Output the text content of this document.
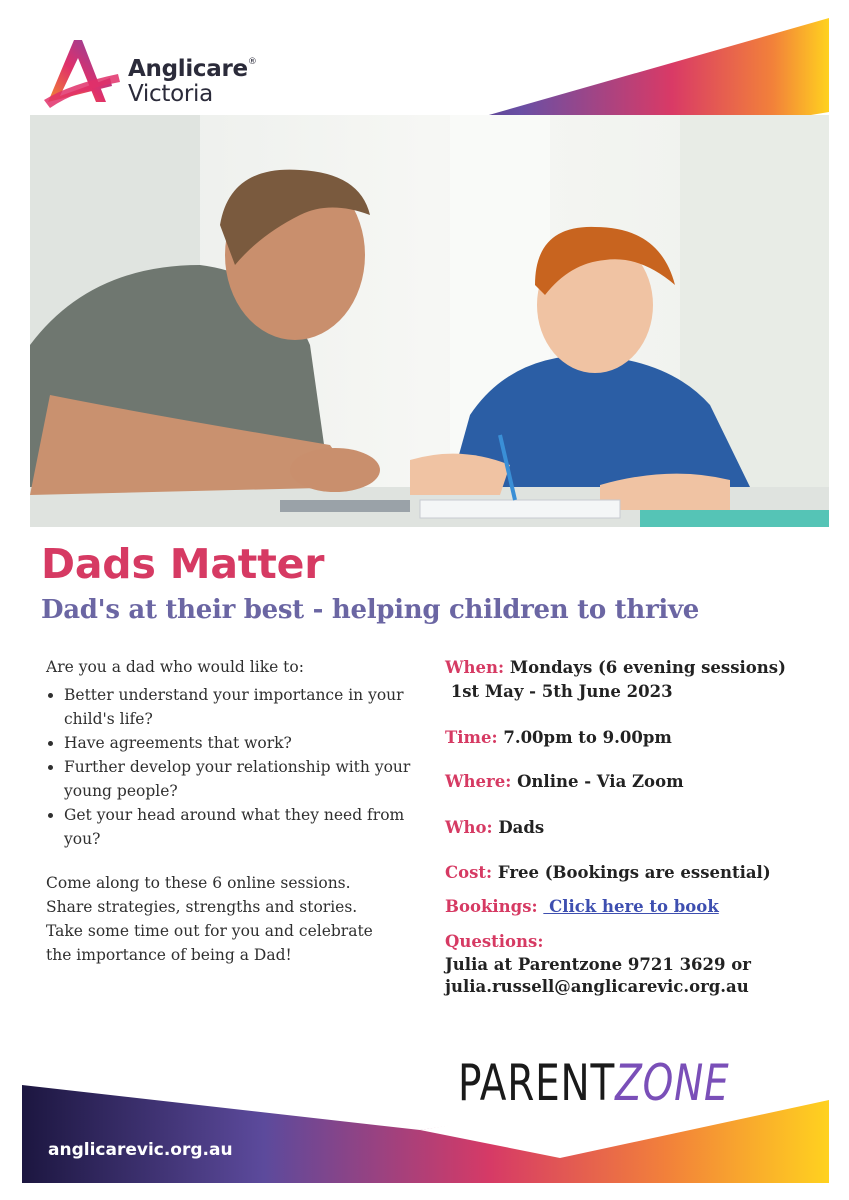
Anglicare®
Victoria
Dads Matter
Dad's at their best - helping children to thrive

Are you a dad who would like to:

• Better understand your importance in your child's life?
• Have agreements that work?
• Further develop your relationship with your young people?
• Get your head around what they need from you?

Come along to these 6 online sessions.
Share strategies, strengths and stories.
Take some time out for you and celebrate
the importance of being a Dad!

When: Mondays (6 evening sessions)
1st May - 5th June 2023
Time: 7.00pm to 9.00pm
Where: Online - Via Zoom
Who: Dads
Cost: Free (Bookings are essential)
Bookings:  Click here to book
Questions:
Julia at Parentzone 9721 3629 or
julia.russell@anglicarevic.org.au
anglicarevic.org.au
PARENTZONE
